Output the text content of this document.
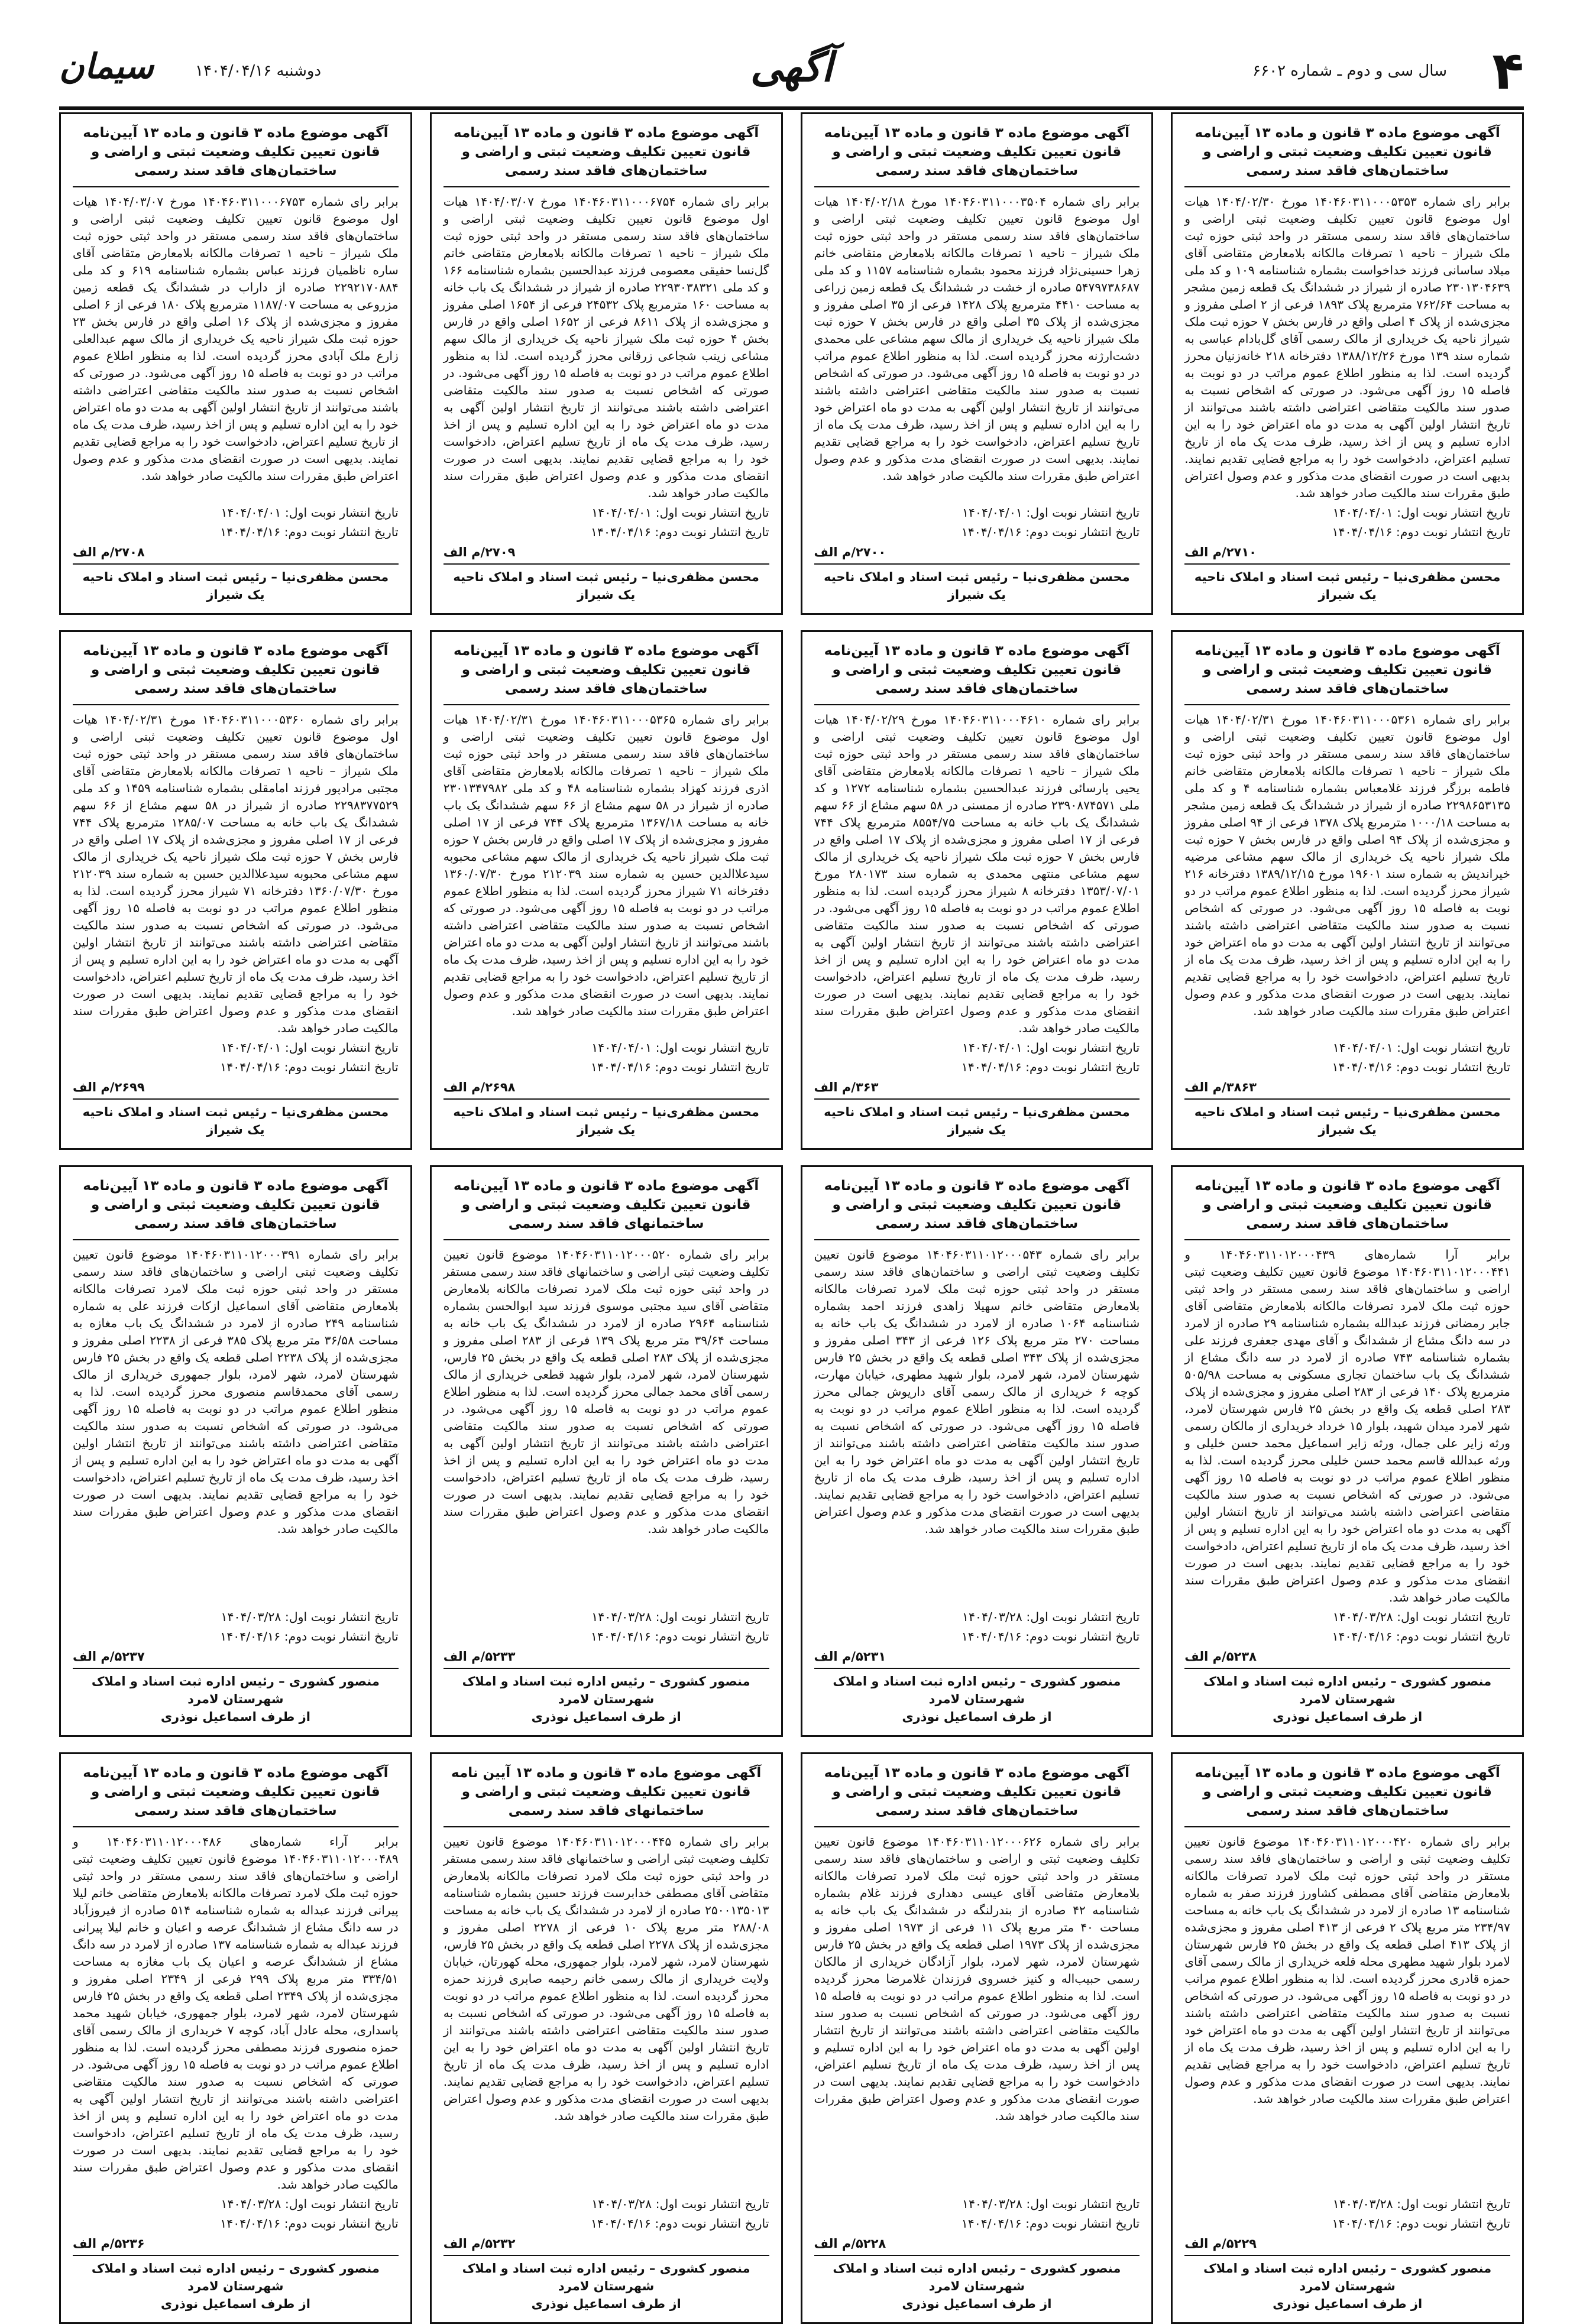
۴
سال سی و دوم ـ شماره ۶۶۰۲
آگهی
دوشنبه ۱۴۰۴/۰۴/۱۶
سیمان
آگهی موضوع ماده ۳ قانون و ماده ۱۳ آیین‌نامه قانون تعیین تکلیف وضعیت ثبتی و اراضی و ساختمان‌های فاقد سند رسمی
برابر رای شماره ۱۴۰۴۶۰۳۱۱۰۰۰۵۳۵۳ مورخ ۱۴۰۴/۰۲/۳۰ هیات اول موضوع قانون تعیین تکلیف وضعیت ثبتی اراضی و ساختمان‌های فاقد سند رسمی مستقر در واحد ثبتی حوزه ثبت ملک شیراز – ناحیه ۱ تصرفات مالکانه بلامعارض متقاضی آقای میلاد ساسانی فرزند خداخواست بشماره شناسنامه ۱۰۹ و کد ملی ۲۳۰۱۳۰۴۶۳۹ صادره از شیراز در ششدانگ یک قطعه زمین مشجر به مساحت ۷۶۲/۶۴ مترمربع پلاک ۱۸۹۳ فرعی از ۲ اصلی مفروز و مجزی‌شده از پلاک ۴ اصلی واقع در فارس بخش ۷ حوزه ثبت ملک شیراز ناحیه یک خریداری از مالک رسمی آقای گل‌بادام عباسی به شماره سند ۱۳۹ مورخ ۱۳۸۸/۱۲/۲۶ دفترخانه ۲۱۸ خانه‌زنیان محرز گردیده است. لذا به منظور اطلاع عموم مراتب در دو نوبت به فاصله ۱۵ روز آگهی می‌شود. در صورتی که اشخاص نسبت به صدور سند مالکیت متقاضی اعتراضی داشته باشند می‌توانند از تاریخ انتشار اولین آگهی به مدت دو ماه اعتراض خود را به این اداره تسلیم و پس از اخذ رسید، ظرف مدت یک ماه از تاریخ تسلیم اعتراض، دادخواست خود را به مراجع قضایی تقدیم نمایند. بدیهی است در صورت انقضای مدت مذکور و عدم وصول اعتراض طبق مقررات سند مالکیت صادر خواهد شد.
تاریخ انتشار نوبت اول: ۱۴۰۴/۰۴/۰۱
تاریخ انتشار نوبت دوم: ۱۴۰۴/۰۴/۱۶
۲۷۱۰/م الف
محسن مظفری‌نیا – رئیس ثبت اسناد و املاک ناحیه یک شیراز
آگهی موضوع ماده ۳ قانون و ماده ۱۳ آیین‌نامه قانون تعیین تکلیف وضعیت ثبتی و اراضی و ساختمان‌های فاقد سند رسمی
برابر رای شماره ۱۴۰۴۶۰۳۱۱۰۰۰۳۵۰۴ مورخ ۱۴۰۴/۰۲/۱۸ هیات اول موضوع قانون تعیین تکلیف وضعیت ثبتی اراضی و ساختمان‌های فاقد سند رسمی مستقر در واحد ثبتی حوزه ثبت ملک شیراز – ناحیه ۱ تصرفات مالکانه بلامعارض متقاضی خانم زهرا حسینی‌نژاد فرزند محمود بشماره شناسنامه ۱۱۵۷ و کد ملی ۵۴۷۹۷۳۸۶۸۷ صادره از خشت در ششدانگ یک قطعه زمین زراعی به مساحت ۴۴۱۰ مترمربع پلاک ۱۴۲۸ فرعی از ۳۵ اصلی مفروز و مجزی‌شده از پلاک ۳۵ اصلی واقع در فارس بخش ۷ حوزه ثبت ملک شیراز ناحیه یک خریداری از مالک سهم مشاعی علی محمدی دشت‌ارژنه محرز گردیده است. لذا به منظور اطلاع عموم مراتب در دو نوبت به فاصله ۱۵ روز آگهی می‌شود. در صورتی که اشخاص نسبت به صدور سند مالکیت متقاضی اعتراضی داشته باشند می‌توانند از تاریخ انتشار اولین آگهی به مدت دو ماه اعتراض خود را به این اداره تسلیم و پس از اخذ رسید، ظرف مدت یک ماه از تاریخ تسلیم اعتراض، دادخواست خود را به مراجع قضایی تقدیم نمایند. بدیهی است در صورت انقضای مدت مذکور و عدم وصول اعتراض طبق مقررات سند مالکیت صادر خواهد شد.
تاریخ انتشار نوبت اول: ۱۴۰۴/۰۴/۰۱
تاریخ انتشار نوبت دوم: ۱۴۰۴/۰۴/۱۶
۲۷۰۰/م الف
محسن مظفری‌نیا – رئیس ثبت اسناد و املاک ناحیه یک شیراز
آگهی موضوع ماده ۳ قانون و ماده ۱۳ آیین‌نامه قانون تعیین تکلیف وضعیت ثبتی و اراضی و ساختمان‌های فاقد سند رسمی
برابر رای شماره ۱۴۰۴۶۰۳۱۱۰۰۰۶۷۵۴ مورخ ۱۴۰۴/۰۳/۰۷ هیات اول موضوع قانون تعیین تکلیف وضعیت ثبتی اراضی و ساختمان‌های فاقد سند رسمی مستقر در واحد ثبتی حوزه ثبت ملک شیراز – ناحیه ۱ تصرفات مالکانه بلامعارض متقاضی خانم گل‌نسا حقیقی معصومی فرزند عبدالحسین بشماره شناسنامه ۱۶۶ و کد ملی ۲۲۹۳۰۳۸۳۲۱ صادره از شیراز در ششدانگ یک باب خانه به مساحت ۱۶۰ مترمربع پلاک ۲۴۵۳۲ فرعی از ۱۶۵۴ اصلی مفروز و مجزی‌شده از پلاک ۸۶۱۱ فرعی از ۱۶۵۲ اصلی واقع در فارس بخش ۴ حوزه ثبت ملک شیراز ناحیه یک خریداری از مالک سهم مشاعی زینب شجاعی زرقانی محرز گردیده است. لذا به منظور اطلاع عموم مراتب در دو نوبت به فاصله ۱۵ روز آگهی می‌شود. در صورتی که اشخاص نسبت به صدور سند مالکیت متقاضی اعتراضی داشته باشند می‌توانند از تاریخ انتشار اولین آگهی به مدت دو ماه اعتراض خود را به این اداره تسلیم و پس از اخذ رسید، ظرف مدت یک ماه از تاریخ تسلیم اعتراض، دادخواست خود را به مراجع قضایی تقدیم نمایند. بدیهی است در صورت انقضای مدت مذکور و عدم وصول اعتراض طبق مقررات سند مالکیت صادر خواهد شد.
تاریخ انتشار نوبت اول: ۱۴۰۴/۰۴/۰۱
تاریخ انتشار نوبت دوم: ۱۴۰۴/۰۴/۱۶
۲۷۰۹/م الف
محسن مظفری‌نیا – رئیس ثبت اسناد و املاک ناحیه یک شیراز
آگهی موضوع ماده ۳ قانون و ماده ۱۳ آیین‌نامه قانون تعیین تکلیف وضعیت ثبتی و اراضی و ساختمان‌های فاقد سند رسمی
برابر رای شماره ۱۴۰۴۶۰۳۱۱۰۰۰۶۷۵۳ مورخ ۱۴۰۴/۰۳/۰۷ هیات اول موضوع قانون تعیین تکلیف وضعیت ثبتی اراضی و ساختمان‌های فاقد سند رسمی مستقر در واحد ثبتی حوزه ثبت ملک شیراز – ناحیه ۱ تصرفات مالکانه بلامعارض متقاضی آقای ساره ناظمیان فرزند عباس بشماره شناسنامه ۶۱۹ و کد ملی ۲۲۹۲۱۷۰۸۸۴ صادره از داراب در ششدانگ یک قطعه زمین مزروعی به مساحت ۱۱۸۷/۰۷ مترمربع پلاک ۱۸۰ فرعی از ۶ اصلی مفروز و مجزی‌شده از پلاک ۱۶ اصلی واقع در فارس بخش ۲۳ حوزه ثبت ملک شیراز ناحیه یک خریداری از مالک سهم عبدالعلی زارع ملک آبادی محرز گردیده است. لذا به منظور اطلاع عموم مراتب در دو نوبت به فاصله ۱۵ روز آگهی می‌شود. در صورتی که اشخاص نسبت به صدور سند مالکیت متقاضی اعتراضی داشته باشند می‌توانند از تاریخ انتشار اولین آگهی به مدت دو ماه اعتراض خود را به این اداره تسلیم و پس از اخذ رسید، ظرف مدت یک ماه از تاریخ تسلیم اعتراض، دادخواست خود را به مراجع قضایی تقدیم نمایند. بدیهی است در صورت انقضای مدت مذکور و عدم وصول اعتراض طبق مقررات سند مالکیت صادر خواهد شد.
تاریخ انتشار نوبت اول: ۱۴۰۴/۰۴/۰۱
تاریخ انتشار نوبت دوم: ۱۴۰۴/۰۴/۱۶
۲۷۰۸/م الف
محسن مظفری‌نیا – رئیس ثبت اسناد و املاک ناحیه یک شیراز
آگهی موضوع ماده ۳ قانون و ماده ۱۳ آیین‌نامه قانون تعیین تکلیف وضعیت ثبتی و اراضی و ساختمان‌های فاقد سند رسمی
برابر رای شماره ۱۴۰۴۶۰۳۱۱۰۰۰۵۳۶۱ مورخ ۱۴۰۴/۰۲/۳۱ هیات اول موضوع قانون تعیین تکلیف وضعیت ثبتی اراضی و ساختمان‌های فاقد سند رسمی مستقر در واحد ثبتی حوزه ثبت ملک شیراز – ناحیه ۱ تصرفات مالکانه بلامعارض متقاضی خانم فاطمه برزگر فرزند غلامعباس بشماره شناسنامه ۴ و کد ملی ۲۲۹۸۶۵۳۱۳۵ صادره از شیراز در ششدانگ یک قطعه زمین مشجر به مساحت ۱۰۰۰/۱۸ مترمربع پلاک ۱۳۷۸ فرعی از ۹۴ اصلی مفروز و مجزی‌شده از پلاک ۹۴ اصلی واقع در فارس بخش ۷ حوزه ثبت ملک شیراز ناحیه یک خریداری از مالک سهم مشاعی مرضیه خیراندیش به شماره سند ۱۹۶۰۱ مورخ ۱۳۸۹/۱۲/۱۵ دفترخانه ۲۱۶ شیراز محرز گردیده است. لذا به منظور اطلاع عموم مراتب در دو نوبت به فاصله ۱۵ روز آگهی می‌شود. در صورتی که اشخاص نسبت به صدور سند مالکیت متقاضی اعتراضی داشته باشند می‌توانند از تاریخ انتشار اولین آگهی به مدت دو ماه اعتراض خود را به این اداره تسلیم و پس از اخذ رسید، ظرف مدت یک ماه از تاریخ تسلیم اعتراض، دادخواست خود را به مراجع قضایی تقدیم نمایند. بدیهی است در صورت انقضای مدت مذکور و عدم وصول اعتراض طبق مقررات سند مالکیت صادر خواهد شد.
تاریخ انتشار نوبت اول: ۱۴۰۴/۰۴/۰۱
تاریخ انتشار نوبت دوم: ۱۴۰۴/۰۴/۱۶
۳۸۶۳/م الف
محسن مظفری‌نیا – رئیس ثبت اسناد و املاک ناحیه یک شیراز
آگهی موضوع ماده ۳ قانون و ماده ۱۳ آیین‌نامه قانون تعیین تکلیف وضعیت ثبتی و اراضی و ساختمان‌های فاقد سند رسمی
برابر رای شماره ۱۴۰۴۶۰۳۱۱۰۰۰۴۶۱۰ مورخ ۱۴۰۴/۰۲/۲۹ هیات اول موضوع قانون تعیین تکلیف وضعیت ثبتی اراضی و ساختمان‌های فاقد سند رسمی مستقر در واحد ثبتی حوزه ثبت ملک شیراز – ناحیه ۱ تصرفات مالکانه بلامعارض متقاضی آقای یحیی پارسائی فرزند عبدالحسین بشماره شناسنامه ۱۲۷۲ و کد ملی ۲۳۹۰۸۷۴۵۷۱ صادره از ممسنی در ۵۸ سهم مشاع از ۶۶ سهم ششدانگ یک باب خانه به مساحت ۸۵۵۴/۷۵ مترمربع پلاک ۷۴۴ فرعی از ۱۷ اصلی مفروز و مجزی‌شده از پلاک ۱۷ اصلی واقع در فارس بخش ۷ حوزه ثبت ملک شیراز ناحیه یک خریداری از مالک سهم مشاعی منتهی محمدی به شماره سند ۲۸۰۱۷۳ مورخ ۱۳۵۳/۰۷/۰۱ دفترخانه ۸ شیراز محرز گردیده است. لذا به منظور اطلاع عموم مراتب در دو نوبت به فاصله ۱۵ روز آگهی می‌شود. در صورتی که اشخاص نسبت به صدور سند مالکیت متقاضی اعتراضی داشته باشند می‌توانند از تاریخ انتشار اولین آگهی به مدت دو ماه اعتراض خود را به این اداره تسلیم و پس از اخذ رسید، ظرف مدت یک ماه از تاریخ تسلیم اعتراض، دادخواست خود را به مراجع قضایی تقدیم نمایند. بدیهی است در صورت انقضای مدت مذکور و عدم وصول اعتراض طبق مقررات سند مالکیت صادر خواهد شد.
تاریخ انتشار نوبت اول: ۱۴۰۴/۰۴/۰۱
تاریخ انتشار نوبت دوم: ۱۴۰۴/۰۴/۱۶
۳۶۳/م الف
محسن مظفری‌نیا – رئیس ثبت اسناد و املاک ناحیه یک شیراز
آگهی موضوع ماده ۳ قانون و ماده ۱۳ آیین‌نامه قانون تعیین تکلیف وضعیت ثبتی و اراضی و ساختمان‌های فاقد سند رسمی
برابر رای شماره ۱۴۰۴۶۰۳۱۱۰۰۰۵۳۶۵ مورخ ۱۴۰۴/۰۲/۳۱ هیات اول موضوع قانون تعیین تکلیف وضعیت ثبتی اراضی و ساختمان‌های فاقد سند رسمی مستقر در واحد ثبتی حوزه ثبت ملک شیراز – ناحیه ۱ تصرفات مالکانه بلامعارض متقاضی آقای اذری فرزند کهزاد بشماره شناسنامه ۴۸ و کد ملی ۲۳۰۱۳۴۷۹۸۲ صادره از شیراز در ۵۸ سهم مشاع از ۶۶ سهم ششدانگ یک باب خانه به مساحت ۱۳۶۷/۱۸ مترمربع پلاک ۷۴۴ فرعی از ۱۷ اصلی مفروز و مجزی‌شده از پلاک ۱۷ اصلی واقع در فارس بخش ۷ حوزه ثبت ملک شیراز ناحیه یک خریداری از مالک سهم مشاعی محبوبه سیدعلاالدین حسین به شماره سند ۲۱۲۰۳۹ مورخ ۱۳۶۰/۰۷/۳۰ دفترخانه ۷۱ شیراز محرز گردیده است. لذا به منظور اطلاع عموم مراتب در دو نوبت به فاصله ۱۵ روز آگهی می‌شود. در صورتی که اشخاص نسبت به صدور سند مالکیت متقاضی اعتراضی داشته باشند می‌توانند از تاریخ انتشار اولین آگهی به مدت دو ماه اعتراض خود را به این اداره تسلیم و پس از اخذ رسید، ظرف مدت یک ماه از تاریخ تسلیم اعتراض، دادخواست خود را به مراجع قضایی تقدیم نمایند. بدیهی است در صورت انقضای مدت مذکور و عدم وصول اعتراض طبق مقررات سند مالکیت صادر خواهد شد.
تاریخ انتشار نوبت اول: ۱۴۰۴/۰۴/۰۱
تاریخ انتشار نوبت دوم: ۱۴۰۴/۰۴/۱۶
۲۶۹۸/م الف
محسن مظفری‌نیا – رئیس ثبت اسناد و املاک ناحیه یک شیراز
آگهی موضوع ماده ۳ قانون و ماده ۱۳ آیین‌نامه قانون تعیین تکلیف وضعیت ثبتی و اراضی و ساختمان‌های فاقد سند رسمی
برابر رای شماره ۱۴۰۴۶۰۳۱۱۰۰۰۵۳۶۰ مورخ ۱۴۰۴/۰۲/۳۱ هیات اول موضوع قانون تعیین تکلیف وضعیت ثبتی اراضی و ساختمان‌های فاقد سند رسمی مستقر در واحد ثبتی حوزه ثبت ملک شیراز – ناحیه ۱ تصرفات مالکانه بلامعارض متقاضی آقای مجتبی مرادپور فرزند امامقلی بشماره شناسنامه ۱۴۵۹ و کد ملی ۲۲۹۸۳۷۷۵۲۹ صادره از شیراز در ۵۸ سهم مشاع از ۶۶ سهم ششدانگ یک باب خانه به مساحت ۱۲۸۵/۰۷ مترمربع پلاک ۷۴۴ فرعی از ۱۷ اصلی مفروز و مجزی‌شده از پلاک ۱۷ اصلی واقع در فارس بخش ۷ حوزه ثبت ملک شیراز ناحیه یک خریداری از مالک سهم مشاعی محبوبه سیدعلاالدین حسین به شماره سند ۲۱۲۰۳۹ مورخ ۱۳۶۰/۰۷/۳۰ دفترخانه ۷۱ شیراز محرز گردیده است. لذا به منظور اطلاع عموم مراتب در دو نوبت به فاصله ۱۵ روز آگهی می‌شود. در صورتی که اشخاص نسبت به صدور سند مالکیت متقاضی اعتراضی داشته باشند می‌توانند از تاریخ انتشار اولین آگهی به مدت دو ماه اعتراض خود را به این اداره تسلیم و پس از اخذ رسید، ظرف مدت یک ماه از تاریخ تسلیم اعتراض، دادخواست خود را به مراجع قضایی تقدیم نمایند. بدیهی است در صورت انقضای مدت مذکور و عدم وصول اعتراض طبق مقررات سند مالکیت صادر خواهد شد.
تاریخ انتشار نوبت اول: ۱۴۰۴/۰۴/۰۱
تاریخ انتشار نوبت دوم: ۱۴۰۴/۰۴/۱۶
۲۶۹۹/م الف
محسن مظفری‌نیا – رئیس ثبت اسناد و املاک ناحیه یک شیراز
آگهی موضوع ماده ۳ قانون و ماده ۱۳ آیین‌نامه قانون تعیین تکلیف وضعیت ثبتی و اراضی و ساختمان‌های فاقد سند رسمی
برابر آرا شماره‌های ۱۴۰۴۶۰۳۱۱۰۱۲۰۰۰۴۳۹ و ۱۴۰۴۶۰۳۱۱۰۱۲۰۰۰۴۴۱ موضوع قانون تعیین تکلیف وضعیت ثبتی اراضی و ساختمان‌های فاقد سند رسمی مستقر در واحد ثبتی حوزه ثبت ملک لامرد تصرفات مالکانه بلامعارض متقاضی آقای جابر رمضانی فرزند عبدالله بشماره شناسنامه ۲۹ صادره از لامرد در سه دانگ مشاع از ششدانگ و آقای مهدی جعفری فرزند علی بشماره شناسنامه ۷۴۳ صادره از لامرد در سه دانگ مشاع از ششدانگ یک باب ساختمان تجاری مسکونی به مساحت ۵۰۵/۹۸ مترمربع پلاک ۱۴۰ فرعی از ۲۸۳ اصلی مفروز و مجزی‌شده از پلاک ۲۸۳ اصلی قطعه یک واقع در بخش ۲۵ فارس شهرستان لامرد، شهر لامرد میدان شهید، بلوار ۱۵ خرداد خریداری از مالکان رسمی ورثه زایر علی جمال، ورثه زایر اسماعیل محمد حسن خلیلی و ورثه عبدالله قاسم محمد حسن خلیلی محرز گردیده است. لذا به منظور اطلاع عموم مراتب در دو نوبت به فاصله ۱۵ روز آگهی می‌شود. در صورتی که اشخاص نسبت به صدور سند مالکیت متقاضی اعتراضی داشته باشند می‌توانند از تاریخ انتشار اولین آگهی به مدت دو ماه اعتراض خود را به این اداره تسلیم و پس از اخذ رسید، ظرف مدت یک ماه از تاریخ تسلیم اعتراض، دادخواست خود را به مراجع قضایی تقدیم نمایند. بدیهی است در صورت انقضای مدت مذکور و عدم وصول اعتراض طبق مقررات سند مالکیت صادر خواهد شد.
تاریخ انتشار نوبت اول: ۱۴۰۴/۰۳/۲۸
تاریخ انتشار نوبت دوم: ۱۴۰۴/۰۴/۱۶
۵۲۳۸/م الف
منصور کشوری – رئیس اداره ثبت اسناد و املاک شهرستان لامرد
از طرف اسماعیل نوذری
آگهی موضوع ماده ۳ قانون و ماده ۱۳ آیین‌نامه قانون تعیین تکلیف وضعیت ثبتی و اراضی و ساختمان‌های فاقد سند رسمی
برابر رای شماره ۱۴۰۴۶۰۳۱۱۰۱۲۰۰۰۵۴۳ موضوع قانون تعیین تکلیف وضعیت ثبتی اراضی و ساختمان‌های فاقد سند رسمی مستقر در واحد ثبتی حوزه ثبت ملک لامرد تصرفات مالکانه بلامعارض متقاضی خانم سهیلا زاهدی فرزند احمد بشماره شناسنامه ۱۰۶۴ صادره از لامرد در ششدانگ یک باب خانه به مساحت ۲۷۰ متر مربع پلاک ۱۲۶ فرعی از ۳۴۳ اصلی مفروز و مجزی‌شده از پلاک ۳۴۳ اصلی قطعه یک واقع در بخش ۲۵ فارس شهرستان لامرد، شهر لامرد، بلوار شهید مطهری، خیابان مهارت، کوچه ۶ خریداری از مالک رسمی آقای داریوش جمالی محرز گردیده است. لذا به منظور اطلاع عموم مراتب در دو نوبت به فاصله ۱۵ روز آگهی می‌شود. در صورتی که اشخاص نسبت به صدور سند مالکیت متقاضی اعتراضی داشته باشند می‌توانند از تاریخ انتشار اولین آگهی به مدت دو ماه اعتراض خود را به این اداره تسلیم و پس از اخذ رسید، ظرف مدت یک ماه از تاریخ تسلیم اعتراض، دادخواست خود را به مراجع قضایی تقدیم نمایند. بدیهی است در صورت انقضای مدت مذکور و عدم وصول اعتراض طبق مقررات سند مالکیت صادر خواهد شد.
تاریخ انتشار نوبت اول: ۱۴۰۴/۰۳/۲۸
تاریخ انتشار نوبت دوم: ۱۴۰۴/۰۴/۱۶
۵۲۳۱/م الف
منصور کشوری – رئیس اداره ثبت اسناد و املاک شهرستان لامرد
از طرف اسماعیل نوذری
آگهی موضوع ماده ۳ قانون و ماده ۱۳ آیین‌نامه قانون تعیین تکلیف وضعیت ثبتی و اراضی و ساختمانهای فاقد سند رسمی
برابر رای شماره ۱۴۰۴۶۰۳۱۱۰۱۲۰۰۰۵۲۰ موضوع قانون تعیین تکلیف وضعیت ثبتی اراضی و ساختمانهای فاقد سند رسمی مستقر در واحد ثبتی حوزه ثبت ملک لامرد تصرفات مالکانه بلامعارض متقاضی آقای سید مجتبی موسوی فرزند سید ابوالحسن بشماره شناسنامه ۲۹۶۴ صادره از لامرد در ششدانگ یک باب خانه به مساحت ۳۹/۶۴ متر مربع پلاک ۱۳۹ فرعی از ۲۸۳ اصلی مفروز و مجزی‌شده از پلاک ۲۸۳ اصلی قطعه یک واقع در بخش ۲۵ فارس، شهرستان لامرد، شهر لامرد، بلوار شهید قطعی خریداری از مالک رسمی آقای محمد جمالی محرز گردیده است. لذا به منظور اطلاع عموم مراتب در دو نوبت به فاصله ۱۵ روز آگهی می‌شود. در صورتی که اشخاص نسبت به صدور سند مالکیت متقاضی اعتراضی داشته باشند می‌توانند از تاریخ انتشار اولین آگهی به مدت دو ماه اعتراض خود را به این اداره تسلیم و پس از اخذ رسید، ظرف مدت یک ماه از تاریخ تسلیم اعتراض، دادخواست خود را به مراجع قضایی تقدیم نمایند. بدیهی است در صورت انقضای مدت مذکور و عدم وصول اعتراض طبق مقررات سند مالکیت صادر خواهد شد.
تاریخ انتشار نوبت اول: ۱۴۰۴/۰۳/۲۸
تاریخ انتشار نوبت دوم: ۱۴۰۴/۰۴/۱۶
۵۲۳۳/م الف
منصور کشوری – رئیس اداره ثبت اسناد و املاک شهرستان لامرد
از طرف اسماعیل نوذری
آگهی موضوع ماده ۳ قانون و ماده ۱۳ آیین‌نامه قانون تعیین تکلیف وضعیت ثبتی و اراضی و ساختمان‌های فاقد سند رسمی
برابر رای شماره ۱۴۰۴۶۰۳۱۱۰۱۲۰۰۰۳۹۱ موضوع قانون تعیین تکلیف وضعیت ثبتی اراضی و ساختمان‌های فاقد سند رسمی مستقر در واحد ثبتی حوزه ثبت ملک لامرد تصرفات مالکانه بلامعارض متقاضی آقای اسماعیل ازکات فرزند علی به شماره شناسنامه ۲۴۹ صادره از لامرد در ششدانگ یک باب مغازه به مساحت ۳۶/۵۸ متر مربع پلاک ۳۸۵ فرعی از ۲۲۳۸ اصلی مفروز و مجزی‌شده از پلاک ۲۲۳۸ اصلی قطعه یک واقع در بخش ۲۵ فارس شهرستان لامرد، شهر لامرد، بلوار جمهوری خریداری از مالک رسمی آقای محمدقاسم منصوری محرز گردیده است. لذا به منظور اطلاع عموم مراتب در دو نوبت به فاصله ۱۵ روز آگهی می‌شود. در صورتی که اشخاص نسبت به صدور سند مالکیت متقاضی اعتراضی داشته باشند می‌توانند از تاریخ انتشار اولین آگهی به مدت دو ماه اعتراض خود را به این اداره تسلیم و پس از اخذ رسید، ظرف مدت یک ماه از تاریخ تسلیم اعتراض، دادخواست خود را به مراجع قضایی تقدیم نمایند. بدیهی است در صورت انقضای مدت مذکور و عدم وصول اعتراض طبق مقررات سند مالکیت صادر خواهد شد.
تاریخ انتشار نوبت اول: ۱۴۰۴/۰۳/۲۸
تاریخ انتشار نوبت دوم: ۱۴۰۴/۰۴/۱۶
۵۲۳۷/م الف
منصور کشوری – رئیس اداره ثبت اسناد و املاک شهرستان لامرد
از طرف اسماعیل نوذری
آگهی موضوع ماده ۳ قانون و ماده ۱۳ آیین‌نامه قانون تعیین تکلیف وضعیت ثبتی و اراضی و ساختمان‌های فاقد سند رسمی
برابر رای شماره ۱۴۰۴۶۰۳۱۱۰۱۲۰۰۰۴۲۰ موضوع قانون تعیین تکلیف وضعیت ثبتی و اراضی و ساختمان‌های فاقد سند رسمی مستقر در واحد ثبتی حوزه ثبت ملک لامرد تصرفات مالکانه بلامعارض متقاضی آقای مصطفی کشاورز فرزند صفر به شماره شناسنامه ۱۳ صادره از لامرد در ششدانگ یک باب خانه به مساحت ۲۳۴/۹۷ متر مربع پلاک ۲ فرعی از ۴۱۳ اصلی مفروز و مجزی‌شده از پلاک ۴۱۳ اصلی قطعه یک واقع در بخش ۲۵ فارس شهرستان لامرد بلوار شهید مطهری محله قلعه خریداری از مالک رسمی آقای حمزه قادری محرز گردیده است. لذا به منظور اطلاع عموم مراتب در دو نوبت به فاصله ۱۵ روز آگهی می‌شود. در صورتی که اشخاص نسبت به صدور سند مالکیت متقاضی اعتراضی داشته باشند می‌توانند از تاریخ انتشار اولین آگهی به مدت دو ماه اعتراض خود را به این اداره تسلیم و پس از اخذ رسید، ظرف مدت یک ماه از تاریخ تسلیم اعتراض، دادخواست خود را به مراجع قضایی تقدیم نمایند. بدیهی است در صورت انقضای مدت مذکور و عدم وصول اعتراض طبق مقررات سند مالکیت صادر خواهد شد.
تاریخ انتشار نوبت اول: ۱۴۰۴/۰۳/۲۸
تاریخ انتشار نوبت دوم: ۱۴۰۴/۰۴/۱۶
۵۲۲۹/م الف
منصور کشوری – رئیس اداره ثبت اسناد و املاک شهرستان لامرد
از طرف اسماعیل نوذری
آگهی موضوع ماده ۳ قانون و ماده ۱۳ آیین‌نامه قانون تعیین تکلیف وضعیت ثبتی و اراضی و ساختمان‌های فاقد سند رسمی
برابر رای شماره ۱۴۰۴۶۰۳۱۱۰۱۲۰۰۰۶۲۶ موضوع قانون تعیین تکلیف وضعیت ثبتی و اراضی و ساختمان‌های فاقد سند رسمی مستقر در واحد ثبتی حوزه ثبت ملک لامرد تصرفات مالکانه بلامعارض متقاضی آقای عیسی دهداری فرزند غلام بشماره شناسنامه ۴۲ صادره از بندرلنگه در ششدانگ یک باب خانه به مساحت ۴۰ متر مربع پلاک ۱۱ فرعی از ۱۹۷۳ اصلی مفروز و مجزی‌شده از پلاک ۱۹۷۳ اصلی قطعه یک واقع در بخش ۲۵ فارس شهرستان لامرد، شهر لامرد، بلوار آزادگان خریداری از مالکان رسمی حبیب‌اله و کنیز خسروی فرزندان غلامرضا محرز گردیده است. لذا به منظور اطلاع عموم مراتب در دو نوبت به فاصله ۱۵ روز آگهی می‌شود. در صورتی که اشخاص نسبت به صدور سند مالکیت متقاضی اعتراضی داشته باشند می‌توانند از تاریخ انتشار اولین آگهی به مدت دو ماه اعتراض خود را به این اداره تسلیم و پس از اخذ رسید، ظرف مدت یک ماه از تاریخ تسلیم اعتراض، دادخواست خود را به مراجع قضایی تقدیم نمایند. بدیهی است در صورت انقضای مدت مذکور و عدم وصول اعتراض طبق مقررات سند مالکیت صادر خواهد شد.
تاریخ انتشار نوبت اول: ۱۴۰۴/۰۳/۲۸
تاریخ انتشار نوبت دوم: ۱۴۰۴/۰۴/۱۶
۵۲۲۸/م الف
منصور کشوری – رئیس اداره ثبت اسناد و املاک شهرستان لامرد
از طرف اسماعیل نوذری
آگهی موضوع ماده ۳ قانون و ماده ۱۳ آیین نامه قانون تعیین تکلیف وضعیت ثبتی و اراضی و ساختمانهای فاقد سند رسمی
برابر رای شماره ۱۴۰۴۶۰۳۱۱۰۱۲۰۰۰۴۴۵ موضوع قانون تعیین تکلیف وضعیت ثبتی اراضی و ساختمانهای فاقد سند رسمی مستقر در واحد ثبتی حوزه ثبت ملک لامرد تصرفات مالکانه بلامعارض متقاضی آقای مصطفی خدابرست فرزند حسین بشماره شناسنامه ۲۵۰۰۱۳۵۰۱۳ صادره از لامرد در ششدانگ یک باب خانه به مساحت ۲۸۸/۰۸ متر مربع پلاک ۱۰ فرعی از ۲۲۷۸ اصلی مفروز و مجزی‌شده از پلاک ۲۲۷۸ اصلی قطعه یک واقع در بخش ۲۵ فارس، شهرستان لامرد، شهر لامرد، بلوار جمهوری، محله کهورتان، خیابان ولایت خریداری از مالک رسمی خانم رحیمه صابری فرزند حمزه محرز گردیده است. لذا به منظور اطلاع عموم مراتب در دو نوبت به فاصله ۱۵ روز آگهی می‌شود. در صورتی که اشخاص نسبت به صدور سند مالکیت متقاضی اعتراضی داشته باشند می‌توانند از تاریخ انتشار اولین آگهی به مدت دو ماه اعتراض خود را به این اداره تسلیم و پس از اخذ رسید، ظرف مدت یک ماه از تاریخ تسلیم اعتراض، دادخواست خود را به مراجع قضایی تقدیم نمایند. بدیهی است در صورت انقضای مدت مذکور و عدم وصول اعتراض طبق مقررات سند مالکیت صادر خواهد شد.
تاریخ انتشار نوبت اول: ۱۴۰۴/۰۳/۲۸
تاریخ انتشار نوبت دوم: ۱۴۰۴/۰۴/۱۶
۵۲۳۲/م الف
منصور کشوری – رئیس اداره ثبت اسناد و املاک شهرستان لامرد
از طرف اسماعیل نوذری
آگهی موضوع ماده ۳ قانون و ماده ۱۳ آیین‌نامه قانون تعیین تکلیف وضعیت ثبتی و اراضی و ساختمان‌های فاقد سند رسمی
برابر آراء شماره‌های ۱۴۰۴۶۰۳۱۱۰۱۲۰۰۰۴۸۶ و ۱۴۰۴۶۰۳۱۱۰۱۲۰۰۰۴۸۹ موضوع قانون تعیین تکلیف وضعیت ثبتی اراضی و ساختمان‌های فاقد سند رسمی مستقر در واحد ثبتی حوزه ثبت ملک لامرد تصرفات مالکانه بلامعارض متقاضی خانم لیلا پیرانی فرزند عبداله به شماره شناسنامه ۵۱۴ صادره از فیروزآباد در سه دانگ مشاع از ششدانگ عرصه و اعیان و خانم لیلا پیرانی فرزند عبداله به شماره شناسنامه ۱۳۷ صادره از لامرد در سه دانگ مشاع از ششدانگ عرصه و اعیان یک باب مغازه به مساحت ۳۳۴/۵۱ متر مربع پلاک ۲۹۹ فرعی از ۲۳۴۹ اصلی مفروز و مجزی‌شده از پلاک ۲۳۴۹ اصلی قطعه یک واقع در بخش ۲۵ فارس شهرستان لامرد، شهر لامرد، بلوار جمهوری، خیابان شهید محمد پاسداری، محله عادل آباد، کوچه ۷ خریداری از مالک رسمی آقای حمزه منصوری فرزند مصطفی محرز گردیده است. لذا به منظور اطلاع عموم مراتب در دو نوبت به فاصله ۱۵ روز آگهی می‌شود. در صورتی که اشخاص نسبت به صدور سند مالکیت متقاضی اعتراضی داشته باشند می‌توانند از تاریخ انتشار اولین آگهی به مدت دو ماه اعتراض خود را به این اداره تسلیم و پس از اخذ رسید، ظرف مدت یک ماه از تاریخ تسلیم اعتراض، دادخواست خود را به مراجع قضایی تقدیم نمایند. بدیهی است در صورت انقضای مدت مذکور و عدم وصول اعتراض طبق مقررات سند مالکیت صادر خواهد شد.
تاریخ انتشار نوبت اول: ۱۴۰۴/۰۳/۲۸
تاریخ انتشار نوبت دوم: ۱۴۰۴/۰۴/۱۶
۵۲۳۶/م الف
منصور کشوری – رئیس اداره ثبت اسناد و املاک شهرستان لامرد
از طرف اسماعیل نوذری
